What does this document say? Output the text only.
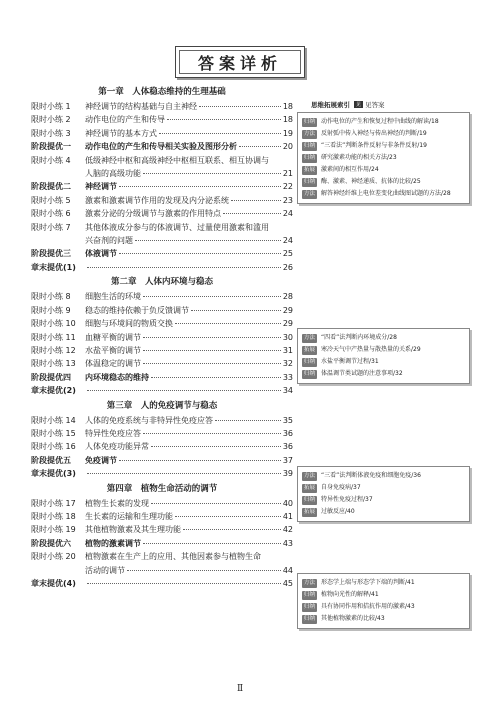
答案详析
第一章　人体稳态维持的生理基础
限时小练 1	神经调节的结构基础与自主神经	18
限时小练 2	动作电位的产生和传导	18
限时小练 3	神经调节的基本方式	19
阶段提优一	动作电位的产生和传导相关实验及图形分析	20
限时小练 4	低级神经中枢和高级神经中枢相互联系、相互协调与
人脑的高级功能	21
阶段提优二	神经调节	22
限时小练 5	激素和激素调节作用的发现及内分泌系统	23
限时小练 6	激素分泌的分级调节与激素的作用特点	24
限时小练 7	其他体液成分参与的体液调节、过量使用激素和滥用
兴奋剂的问题	24
阶段提优三	体液调节	25
章末提优(1)	26
第二章　人体内环境与稳态
限时小练 8	细胞生活的环境	28
限时小练 9	稳态的维持依赖于负反馈调节	29
限时小练 10	细胞与环境间的物质交换	29
限时小练 11	血糖平衡的调节	30
限时小练 12	水盐平衡的调节	31
限时小练 13	体温稳定的调节	32
阶段提优四	内环境稳态的维持	33
章末提优(2)	34
第三章　人的免疫调节与稳态
限时小练 14	人体的免疫系统与非特异性免疫应答	35
限时小练 15	特异性免疫应答	36
限时小练 16	人体免疫功能异常	36
阶段提优五	免疫调节	37
章末提优(3)	39
第四章　植物生命活动的调节
限时小练 17	植物生长素的发现	40
限时小练 18	生长素的运输和生理功能	41
限时小练 19	其他植物激素及其生理功能	42
阶段提优六	植物的激素调节	43
限时小练 20	植物激素在生产上的应用、其他因素参与植物生命
活动的调节	44
章末提优(4)	45
思维拓展索引	见 见答案
归纳	动作电位的产生和恢复过程中曲线的解读/18
方法	反射弧中传入神经与传出神经的判断/19
归纳	“三看法”判断条件反射与非条件反射/19
归纳	研究激素功能的相关方法/23
拓展	激素间的相互作用/24
归纳	酶、激素、神经递质、抗体的比较/25
方法	解答神经纤维上电位差变化曲线图试题的方法/28
方法	“四看”法判断内环境成分/28
拓展	寒冷天气中产热量与散热量的关系/29
归纳	水盐平衡调节过程/31
归纳	体温调节类试题的注意事项/32
方法	“三看”法判断体液免疫和细胞免疫/36
拓展	自身免疫病/37
归纳	特异性免疫过程/37
拓展	过敏反应/40
方法	形态学上端与形态学下端的判断/41
归纳	植物向光性的解释/41
归纳	具有协同作用和拮抗作用的激素/43
归纳	其他植物激素的比较/43
Ⅱ
